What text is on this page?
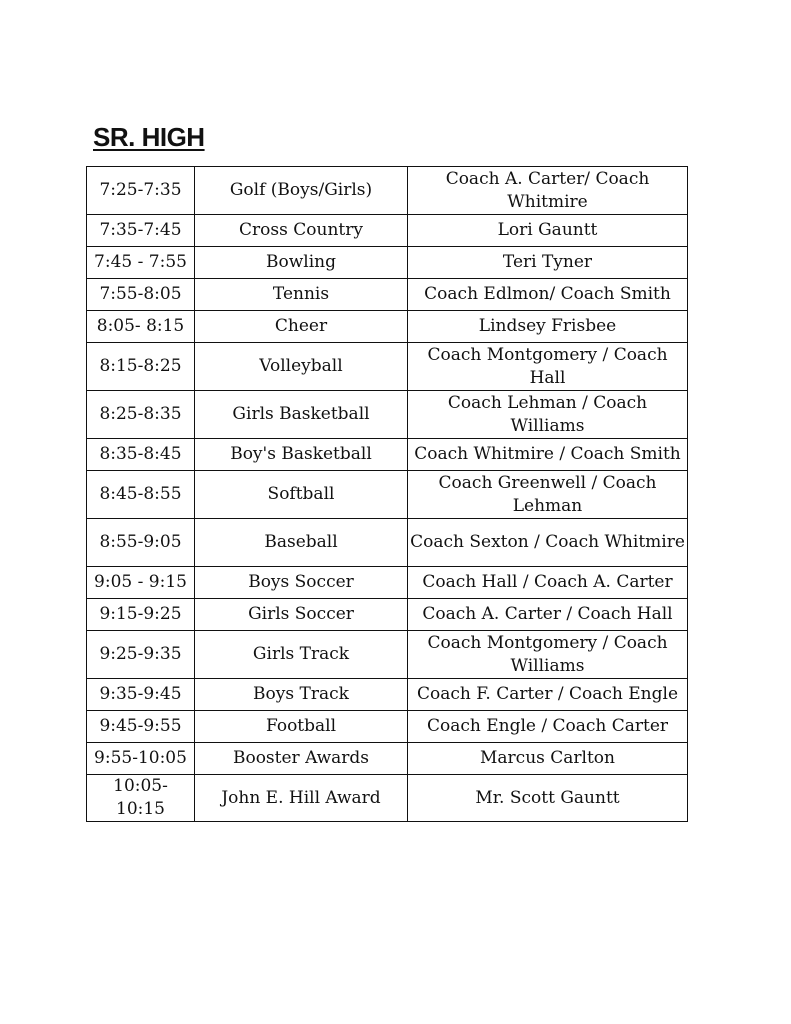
SR. HIGH
7:25-7:35	Golf (Boys/Girls)	Coach A. Carter/ Coach Whitmire
7:35-7:45	Cross Country	Lori Gauntt
7:45 - 7:55	Bowling	Teri Tyner
7:55-8:05	Tennis	Coach Edlmon/ Coach Smith
8:05- 8:15	Cheer	Lindsey Frisbee
8:15-8:25	Volleyball	Coach Montgomery / Coach Hall
8:25-8:35	Girls Basketball	Coach Lehman / Coach Williams
8:35-8:45	Boy's Basketball	Coach Whitmire / Coach Smith
8:45-8:55	Softball	Coach Greenwell / Coach Lehman
8:55-9:05	Baseball	Coach Sexton / Coach Whitmire
9:05 - 9:15	Boys Soccer	Coach Hall / Coach A. Carter
9:15-9:25	Girls Soccer	Coach A. Carter / Coach Hall
9:25-9:35	Girls Track	Coach Montgomery / Coach Williams
9:35-9:45	Boys Track	Coach F. Carter / Coach Engle
9:45-9:55	Football	Coach Engle / Coach Carter
9:55-10:05	Booster Awards	Marcus Carlton
10:05-10:15	John E. Hill Award	Mr. Scott Gauntt
